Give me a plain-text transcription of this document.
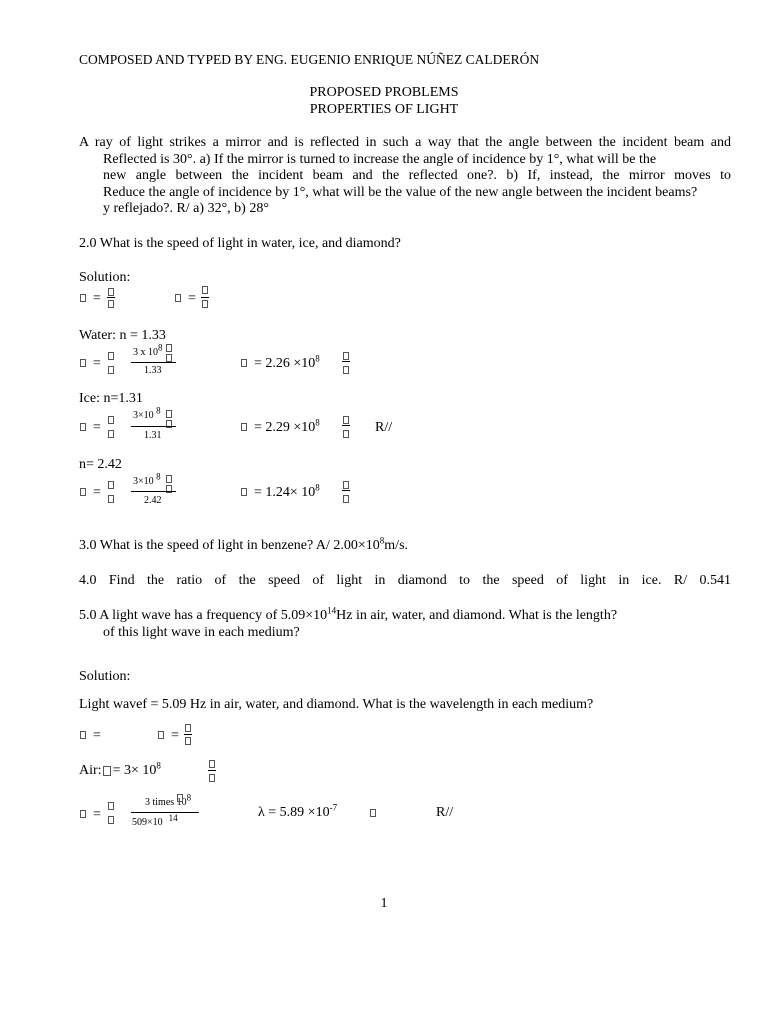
COMPOSED AND TYPED BY ENG. EUGENIO ENRIQUE NÚÑEZ CALDERÓN
PROPOSED PROBLEMS
PROPERTIES OF LIGHT
A ray of light strikes a mirror and is reflected in such a way that the angle between the incident beam and
Reflected is 30°. a) If the mirror is turned to increase the angle of incidence by 1°, what will be the
new angle between the incident beam and the reflected one?. b) If, instead, the mirror moves to
Reduce the angle of incidence by 1°, what will be the value of the new angle between the incident beams?
y reflejado?. R/ a) 32°, b) 28°
2.0 What is the speed of light in water, ice, and diamond?
Solution:
=	=
Water: n = 1.33
=
3 x $10^8$
1.33	= $2.26 \times 10^8$
Ice: n=1.31
=
3×10 $^8$
1.31
= $2.29 \times 10^8$	R//
n= 2.42
=
3×10 $^8$
2.42
= $1.24\times 10^8$
3.0 What is the speed of light in benzene? A/ $2.00\times 10^8m/s$.
4.0 Find the ratio of the speed of light in diamond to the speed of light in ice. R/ 0.541
5.0 A light wave has a frequency of $5.09\times 10^{14}Hz$ in air, water, and diamond. What is the length?
of this light wave in each medium?
Solution:
Light wavef = 5.09 Hz in air, water, and diamond. What is the wavelength in each medium?
=	=
Air: = $3\times 10^8$
=
3 times $10^8$
509×10 $^{14}$	$\lambda = 5.89 \times 10^{-7}$	R//
1
